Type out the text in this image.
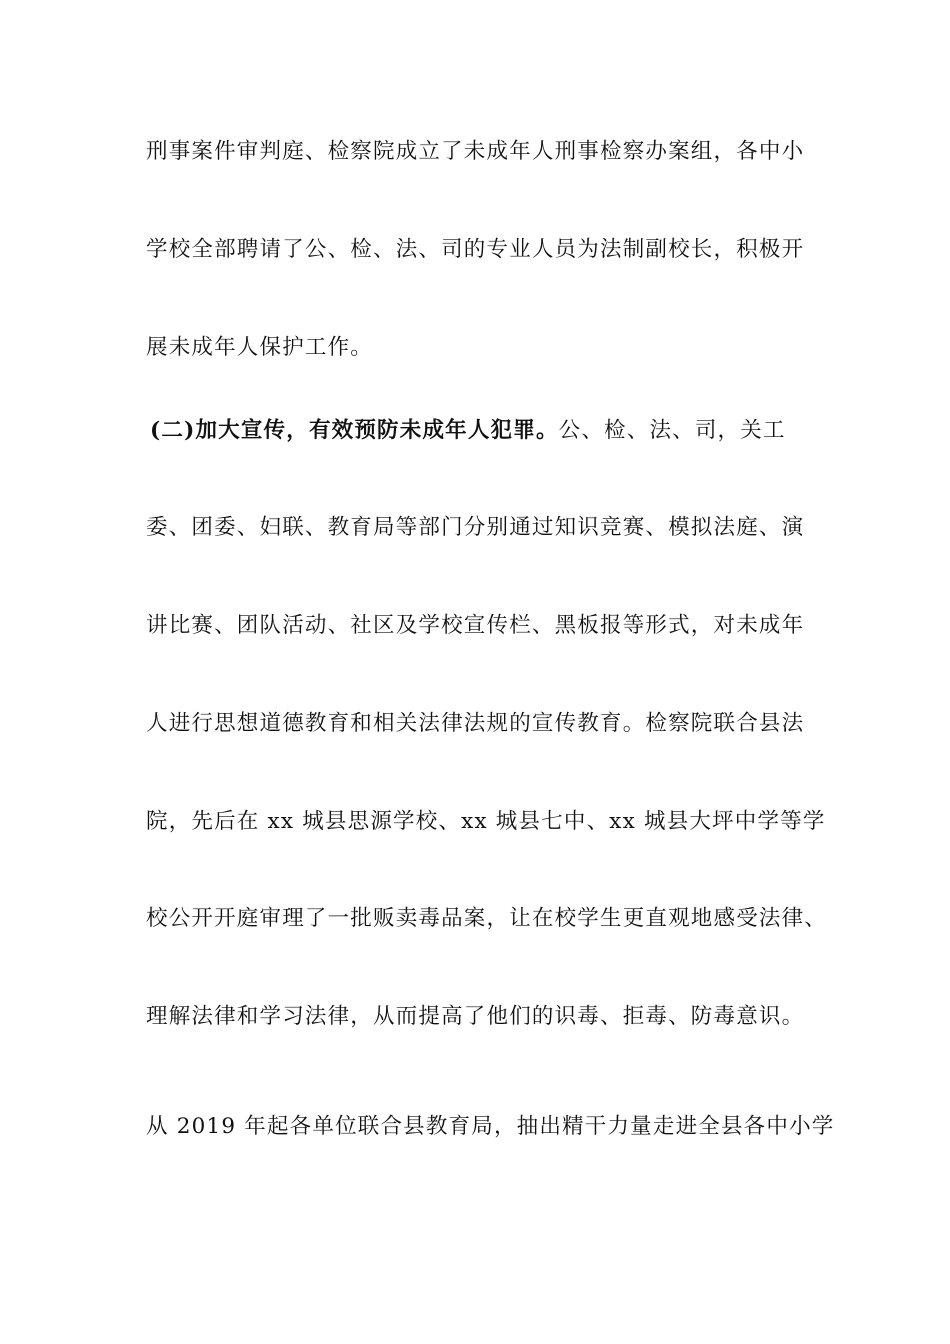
刑事案件审判庭、检察院成立了未成年人刑事检察办案组，各中小
学校全部聘请了公、检、法、司的专业人员为法制副校长，积极开
展未成年人保护工作。
(二)加大宣传，有效预防未成年人犯罪。公、检、法、司，关工
委、团委、妇联、教育局等部门分别通过知识竞赛、模拟法庭、演
讲比赛、团队活动、社区及学校宣传栏、黑板报等形式，对未成年
人进行思想道德教育和相关法律法规的宣传教育。检察院联合县法
院，先后在 xx 城县思源学校、xx 城县七中、xx 城县大坪中学等学
校公开开庭审理了一批贩卖毒品案，让在校学生更直观地感受法律、
理解法律和学习法律，从而提高了他们的识毒、拒毒、防毒意识。
从 2019 年起各单位联合县教育局，抽出精干力量走进全县各中小学
